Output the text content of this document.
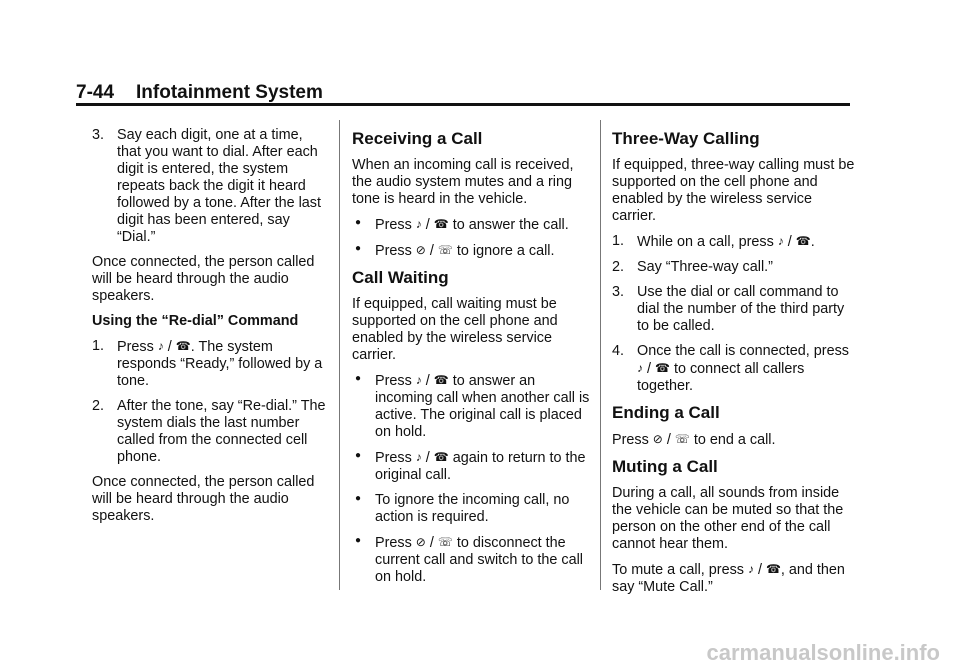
7-44 Infotainment System
3. Say each digit, one at a time, that you want to dial. After each digit is entered, the system repeats back the digit it heard followed by a tone. After the last digit has been entered, say “Dial.”

Once connected, the person called will be heard through the audio speakers.

Using the “Re-dial” Command

1. Press ♪ / ☎. The system responds “Ready,” followed by a tone.
2. After the tone, say “Re-dial.” The system dials the last number called from the connected cell phone.

Once connected, the person called will be heard through the audio speakers.

Receiving a Call

When an incoming call is received, the audio system mutes and a ring tone is heard in the vehicle.

● Press ♪ / ☎ to answer the call.
● Press ⊘ / ☏ to ignore a call.
Call Waiting

If equipped, call waiting must be supported on the cell phone and enabled by the wireless service carrier.

● Press ♪ / ☎ to answer an incoming call when another call is active. The original call is placed on hold.
● Press ♪ / ☎ again to return to the original call.
● To ignore the incoming call, no action is required.
● Press ⊘ / ☏ to disconnect the current call and switch to the call on hold.
Three-Way Calling

If equipped, three-way calling must be supported on the cell phone and enabled by the wireless service carrier.

1. While on a call, press ♪ / ☎.
2. Say “Three-way call.”
3. Use the dial or call command to dial the number of the third party to be called.
4. Once the call is connected, press ♪ / ☎ to connect all callers together.
Ending a Call

Press ⊘ / ☏ to end a call.

Muting a Call

During a call, all sounds from inside the vehicle can be muted so that the person on the other end of the call cannot hear them.

To mute a call, press ♪ / ☎, and then say “Mute Call.”

carmanualsonline.info
